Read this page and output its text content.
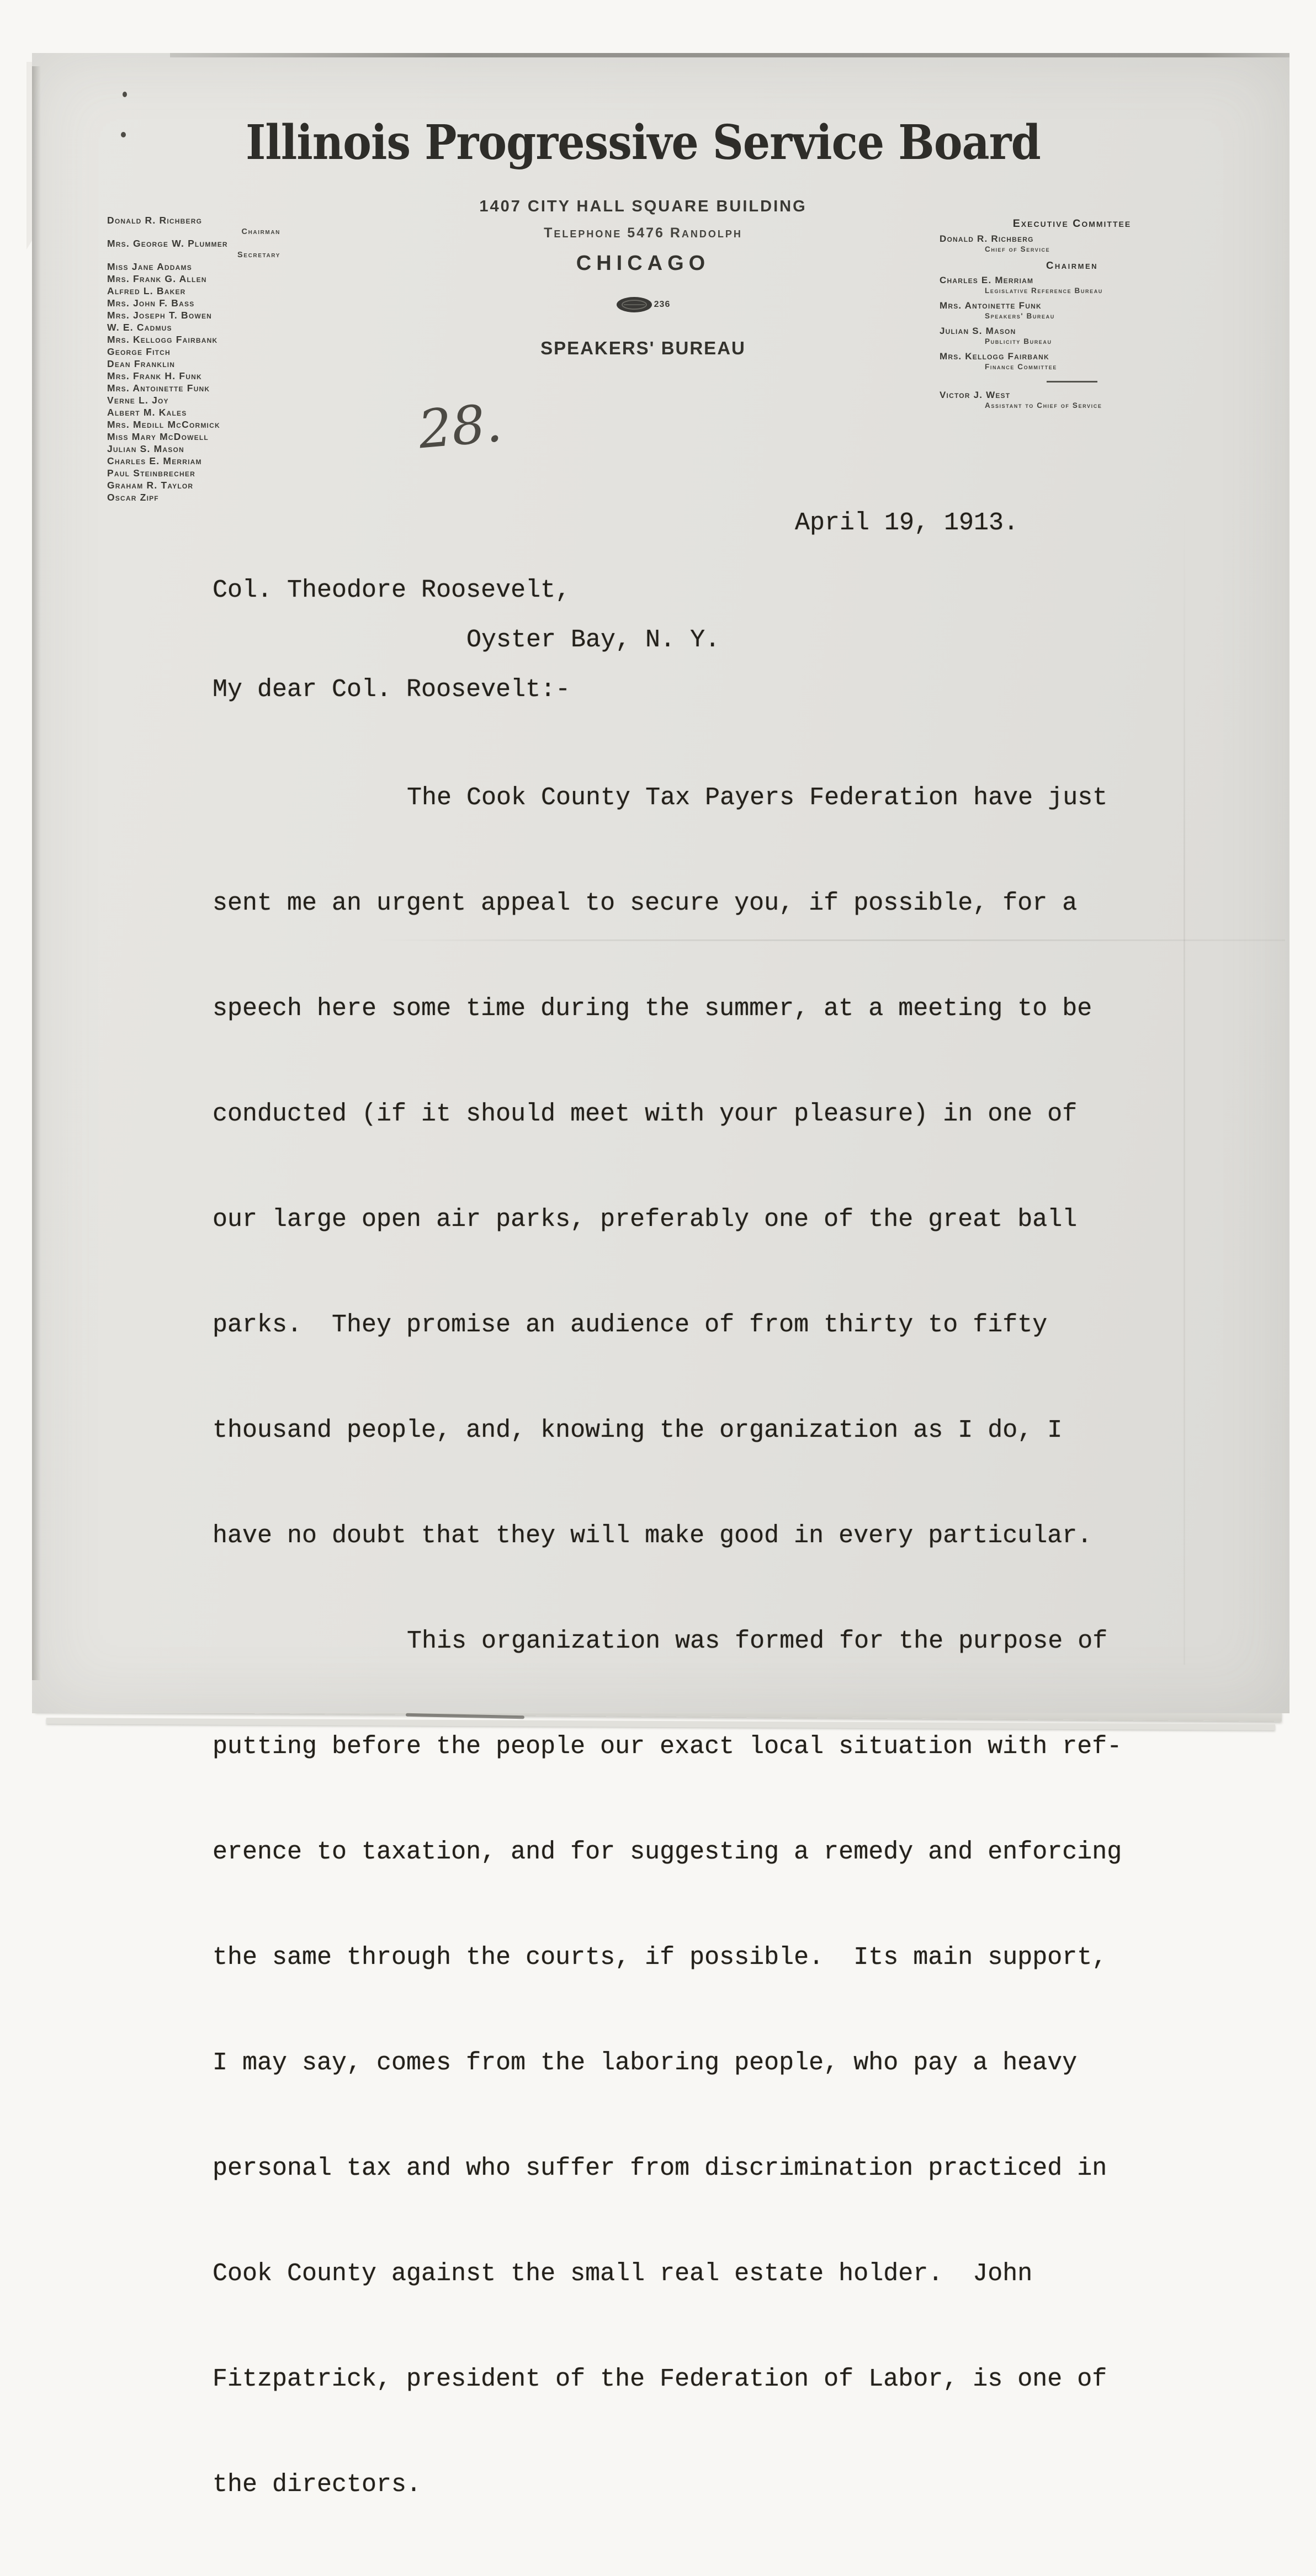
Illinois Progressive Service Board
1407 CITY HALL SQUARE BUILDING
Telephone 5476 Randolph
CHICAGO
236
SPEAKERS' BUREAU
Donald R. Richberg
Chairman
Mrs. George W. Plummer
Secretary
Miss Jane Addams
Mrs. Frank G. Allen
Alfred L. Baker
Mrs. John F. Bass
Mrs. Joseph T. Bowen
W. E. Cadmus
Mrs. Kellogg Fairbank
George Fitch
Dean Franklin
Mrs. Frank H. Funk
Mrs. Antoinette Funk
Verne L. Joy
Albert M. Kales
Mrs. Medill McCormick
Miss Mary McDowell
Julian S. Mason
Charles E. Merriam
Paul Steinbrecher
Graham R. Taylor
Oscar Zipf
Executive Committee
Donald R. Richberg
Chief of Service
Chairmen
Charles E. Merriam
Legislative Reference Bureau
Mrs. Antoinette Funk
Speakers' Bureau
Julian S. Mason
Publicity Bureau
Mrs. Kellogg Fairbank
Finance Committee
Victor J. West
Assistant to Chief of Service
28.
April 19, 1913.
Col. Theodore Roosevelt,
Oyster Bay, N. Y.
My dear Col. Roosevelt:-

The Cook County Tax Payers Federation have just

sent me an urgent appeal to secure you, if possible, for a

speech here some time during the summer, at a meeting to be

conducted (if it should meet with your pleasure) in one of

our large open air parks, preferably one of the great ball

parks.  They promise an audience of from thirty to fifty

thousand people, and, knowing the organization as I do, I

have no doubt that they will make good in every particular.

This organization was formed for the purpose of

putting before the people our exact local situation with ref-

erence to taxation, and for suggesting a remedy and enforcing

the same through the courts, if possible.  Its main support,

I may say, comes from the laboring people, who pay a heavy

personal tax and who suffer from discrimination practiced in

Cook County against the small real estate holder.  John

Fitzpatrick, president of the Federation of Labor, is one of

the directors.
